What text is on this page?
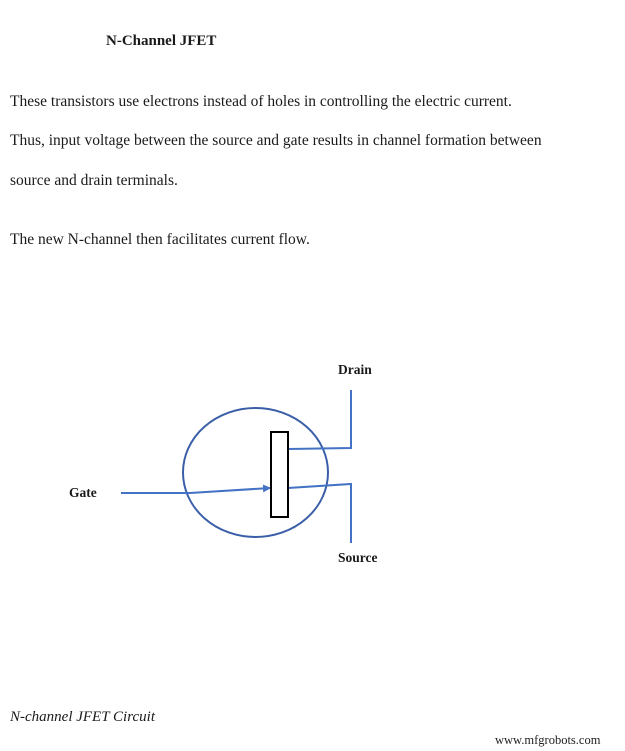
N-Channel JFET
These transistors use electrons instead of holes in controlling the electric current.
Thus, input voltage between the source and gate results in channel formation between
source and drain terminals.
The new N-channel then facilitates current flow.
Drain
Source
Gate
N-channel JFET Circuit
www.mfgrobots.com
